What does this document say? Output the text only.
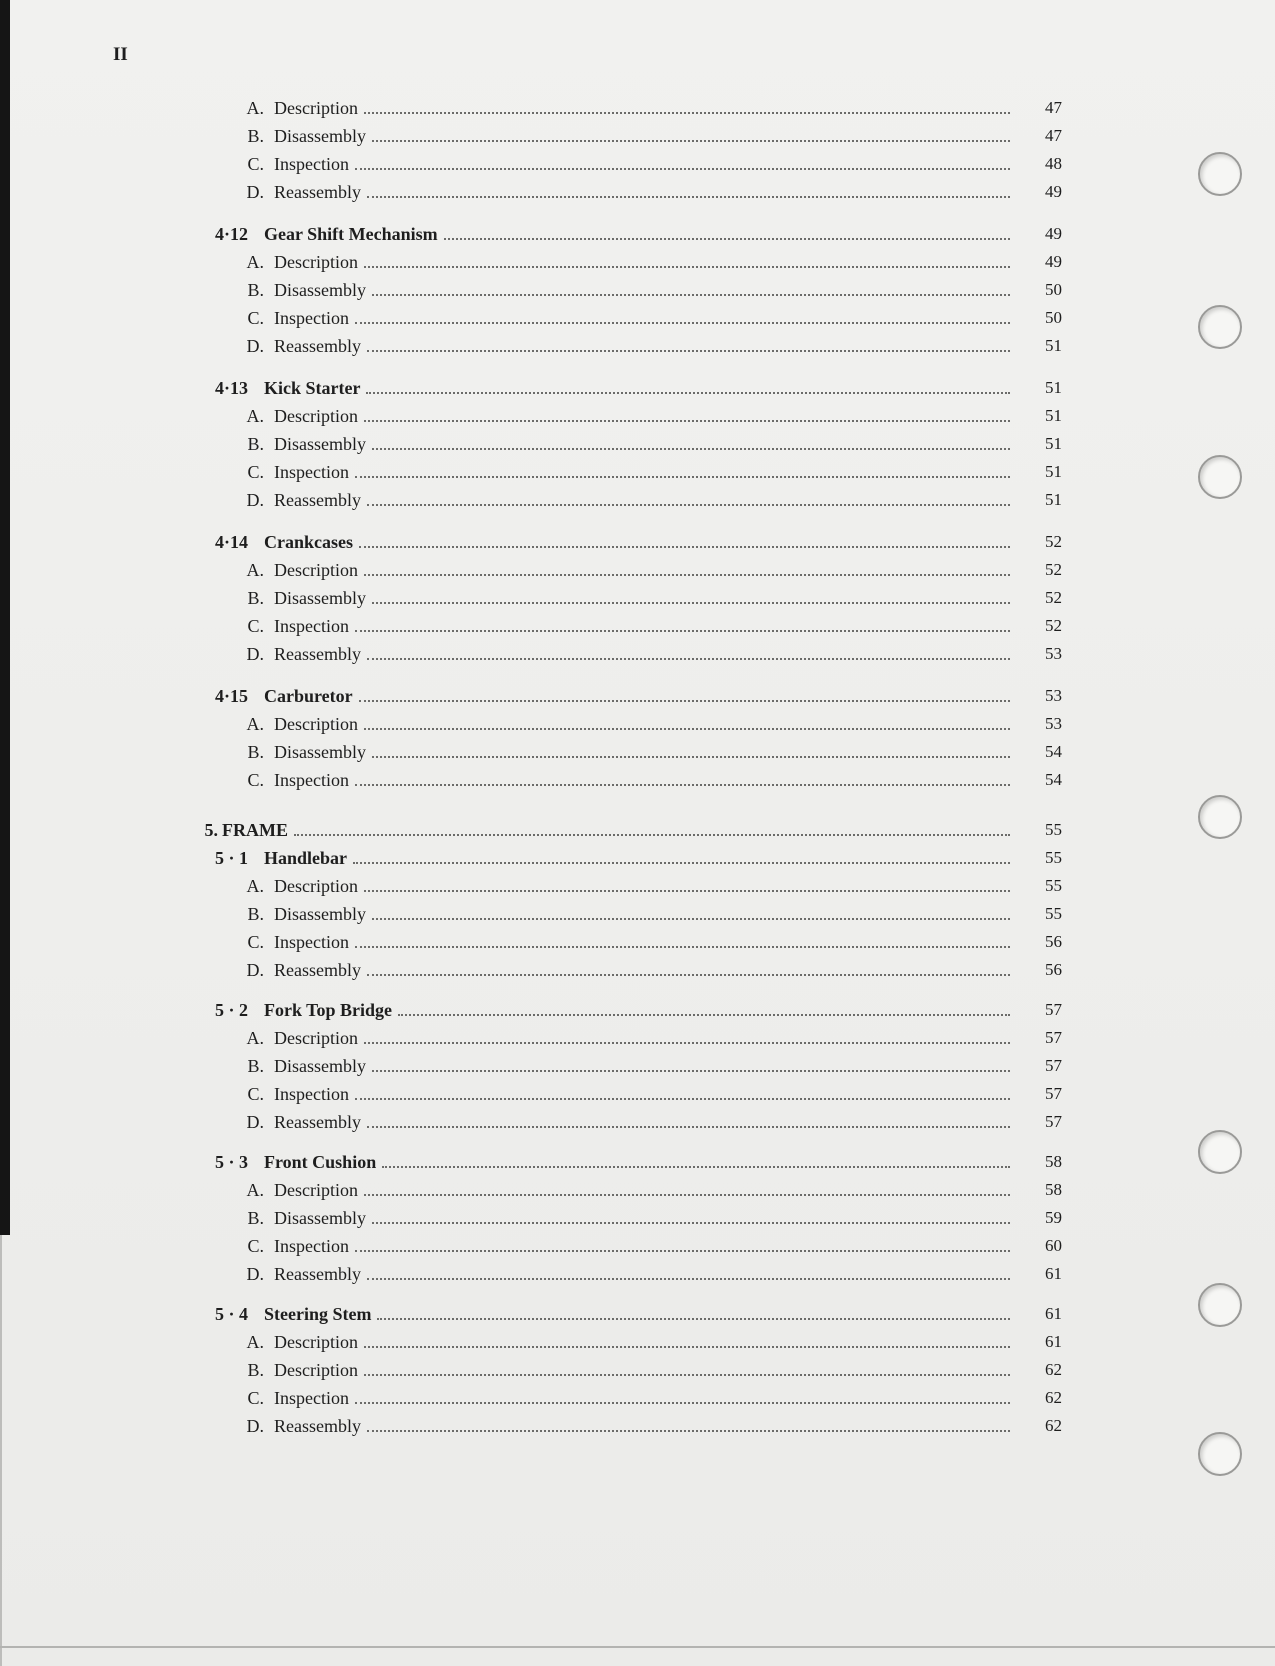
II
A. Description	47
B. Disassembly	47
C. Inspection	48
D. Reassembly	49
4·12 Gear Shift Mechanism	49
A. Description	49
B. Disassembly	50
C. Inspection	50
D. Reassembly	51
4·13 Kick Starter	51
A. Description	51
B. Disassembly	51
C. Inspection	51
D. Reassembly	51
4·14 Crankcases	52
A. Description	52
B. Disassembly	52
C. Inspection	52
D. Reassembly	53
4·15 Carburetor	53
A. Description	53
B. Disassembly	54
C. Inspection	54
5. FRAME	55
5 · 1 Handlebar	55
A. Description	55
B. Disassembly	55
C. Inspection	56
D. Reassembly	56
5 · 2 Fork Top Bridge	57
A. Description	57
B. Disassembly	57
C. Inspection	57
D. Reassembly	57
5 · 3 Front Cushion	58
A. Description	58
B. Disassembly	59
C. Inspection	60
D. Reassembly	61
5 · 4 Steering Stem	61
A. Description	61
B. Description	62
C. Inspection	62
D. Reassembly	62
